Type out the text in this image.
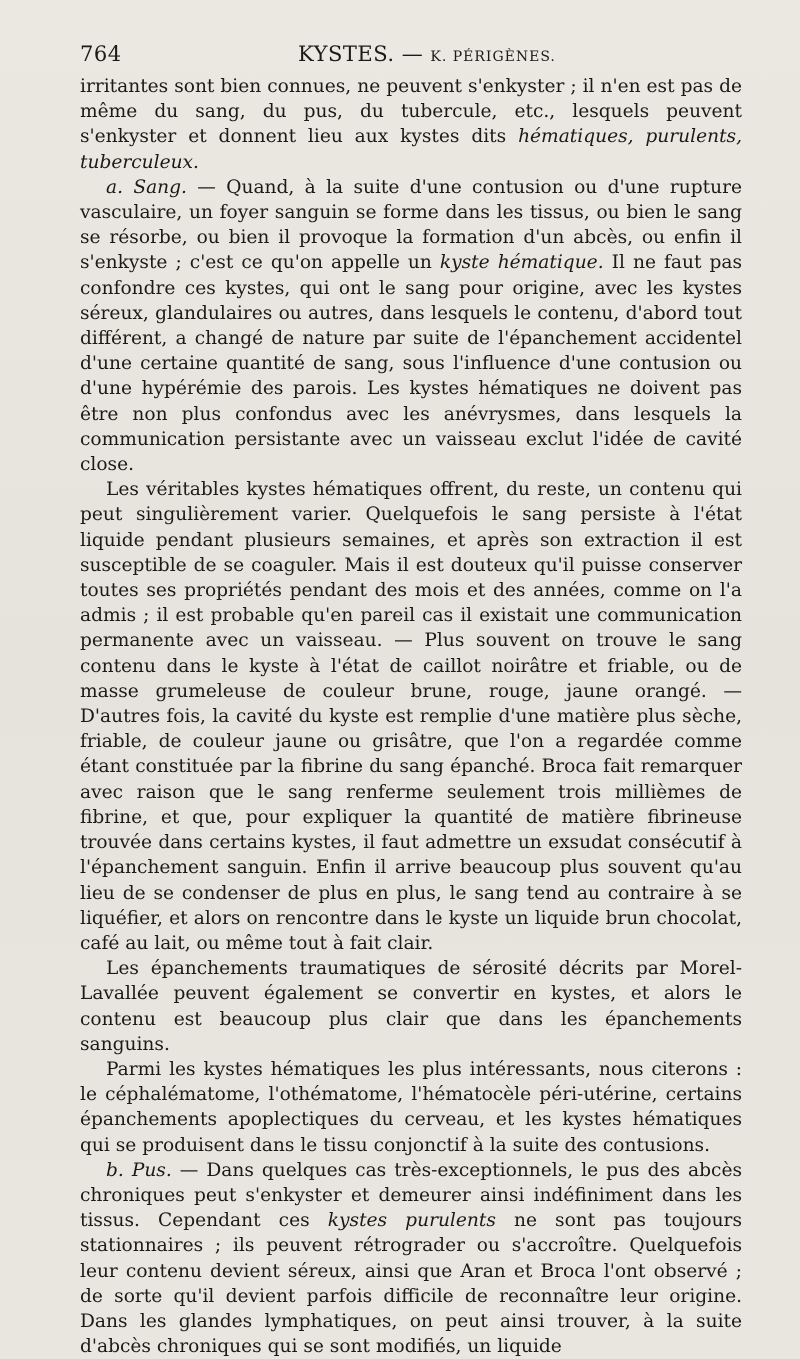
764	KYSTES. — K. PÉRIGÈNES.

irritantes sont bien connues, ne peuvent s'enkyster ; il n'en est pas de même du sang, du pus, du tubercule, etc., lesquels peuvent s'enkyster et donnent lieu aux kystes dits hématiques, purulents, tuberculeux.

a. Sang. — Quand, à la suite d'une contusion ou d'une rupture vasculaire, un foyer sanguin se forme dans les tissus, ou bien le sang se résorbe, ou bien il provoque la formation d'un abcès, ou enfin il s'enkyste ; c'est ce qu'on appelle un kyste hématique. Il ne faut pas confondre ces kystes, qui ont le sang pour origine, avec les kystes séreux, glandulaires ou autres, dans lesquels le contenu, d'abord tout différent, a changé de nature par suite de l'épanchement accidentel d'une certaine quantité de sang, sous l'influence d'une contusion ou d'une hypérémie des parois. Les kystes hématiques ne doivent pas être non plus confondus avec les anévrysmes, dans lesquels la communication persistante avec un vaisseau exclut l'idée de cavité close.

Les véritables kystes hématiques offrent, du reste, un contenu qui peut singulièrement varier. Quelquefois le sang persiste à l'état liquide pendant plusieurs semaines, et après son extraction il est susceptible de se coaguler. Mais il est douteux qu'il puisse conserver toutes ses propriétés pendant des mois et des années, comme on l'a admis ; il est probable qu'en pareil cas il existait une communication permanente avec un vaisseau. — Plus souvent on trouve le sang contenu dans le kyste à l'état de caillot noirâtre et friable, ou de masse grumeleuse de couleur brune, rouge, jaune orangé. — D'autres fois, la cavité du kyste est remplie d'une matière plus sèche, friable, de couleur jaune ou grisâtre, que l'on a regardée comme étant constituée par la fibrine du sang épanché. Broca fait remarquer avec raison que le sang renferme seulement trois millièmes de fibrine, et que, pour expliquer la quantité de matière fibrineuse trouvée dans certains kystes, il faut admettre un exsudat consécutif à l'épanchement sanguin. Enfin il arrive beaucoup plus souvent qu'au lieu de se condenser de plus en plus, le sang tend au contraire à se liquéfier, et alors on rencontre dans le kyste un liquide brun chocolat, café au lait, ou même tout à fait clair.

Les épanchements traumatiques de sérosité décrits par Morel-Lavallée peuvent également se convertir en kystes, et alors le contenu est beaucoup plus clair que dans les épanchements sanguins.

Parmi les kystes hématiques les plus intéressants, nous citerons : le céphalématome, l'othématome, l'hématocèle péri-utérine, certains épanchements apoplectiques du cerveau, et les kystes hématiques qui se produisent dans le tissu conjonctif à la suite des contusions.

b. Pus. — Dans quelques cas très-exceptionnels, le pus des abcès chroniques peut s'enkyster et demeurer ainsi indéfiniment dans les tissus. Cependant ces kystes purulents ne sont pas toujours stationnaires ; ils peuvent rétrograder ou s'accroître. Quelquefois leur contenu devient séreux, ainsi que Aran et Broca l'ont observé ; de sorte qu'il devient parfois difficile de reconnaître leur origine. Dans les glandes lymphatiques, on peut ainsi trouver, à la suite d'abcès chroniques qui se sont modifiés, un liquide
